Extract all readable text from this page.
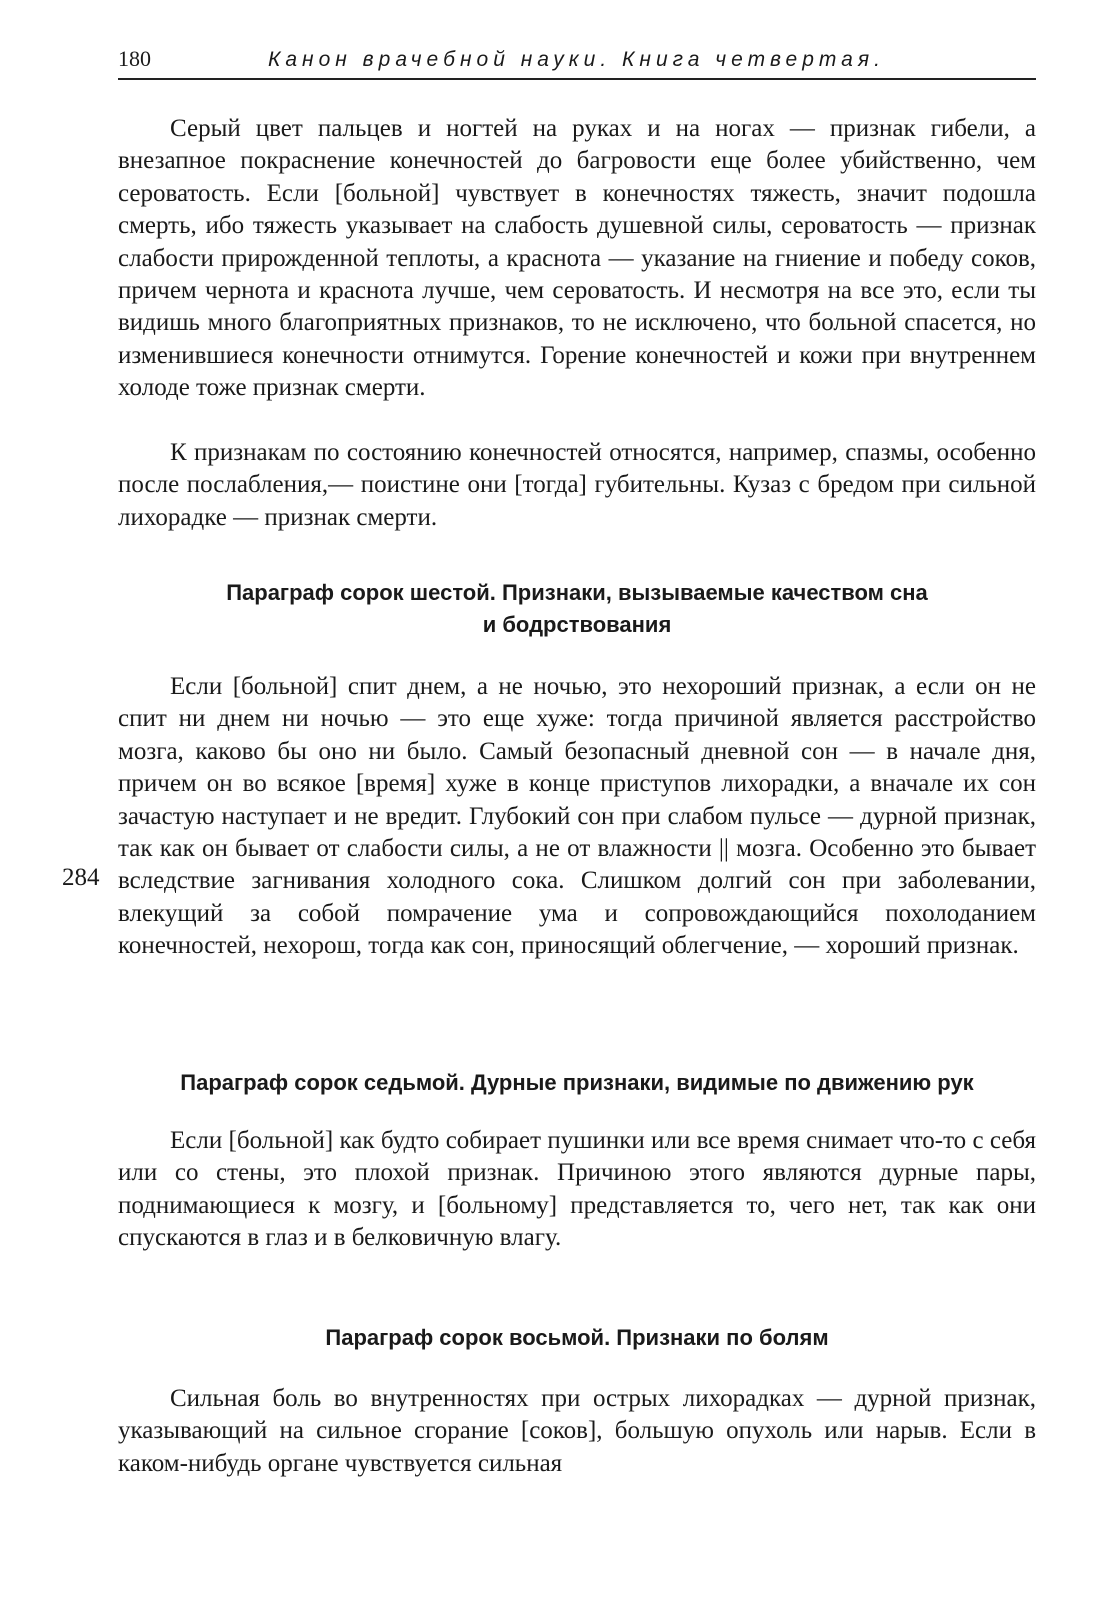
180	Канон врачебной науки. Книга четвертая.

Серый цвет пальцев и ногтей на руках и на ногах — признак гибели, а внезапное покраснение конечностей до багровости еще более убийственно, чем сероватость. Если [больной] чувствует в конечностях тяжесть, значит подошла смерть, ибо тяжесть указывает на слабость душевной силы, сероватость — признак слабости прирожденной теплоты, а краснота — указание на гниение и победу соков, причем чернота и краснота лучше, чем сероватость. И несмотря на все это, если ты видишь много благоприятных признаков, то не исключено, что больной спасется, но изменившиеся конечности отнимутся. Горение конечностей и кожи при внутреннем холоде тоже признак смерти.

К признакам по состоянию конечностей относятся, например, спазмы, особенно после послабления,— поистине они [тогда] губительны. Кузаз с бредом при сильной лихорадке — признак смерти.

Параграф сорок шестой. Признаки, вызываемые качеством сна
и бодрствования

Если [больной] спит днем, а не ночью, это нехороший признак, а если он не спит ни днем ни ночью — это еще хуже: тогда причиной является расстройство мозга, каково бы оно ни было. Самый безопасный дневной сон — в начале дня, причем он во всякое [время] хуже в конце приступов лихорадки, а вначале их сон зачастую наступает и не вредит. Глубокий сон при слабом пульсе — дурной признак, так как он бывает от слабости силы, а не от влажности || мозга. Особенно это бывает вследствие загнивания холодного сока. Слишком долгий сон при заболевании, влекущий за собой помрачение ума и сопровождающийся похолоданием конечностей, нехорош, тогда как сон, приносящий облегчение, — хороший признак.

284
Параграф сорок седьмой. Дурные признаки, видимые по движению рук

Если [больной] как будто собирает пушинки или все время снимает что-то с себя или со стены, это плохой признак. Причиною этого являются дурные пары, поднимающиеся к мозгу, и [больному] представляется то, чего нет, так как они спускаются в глаз и в белковичную влагу.

Параграф сорок восьмой. Признаки по болям

Сильная боль во внутренностях при острых лихорадках — дурной признак, указывающий на сильное сгорание [соков], большую опухоль или нарыв. Если в каком-нибудь органе чувствуется сильная
